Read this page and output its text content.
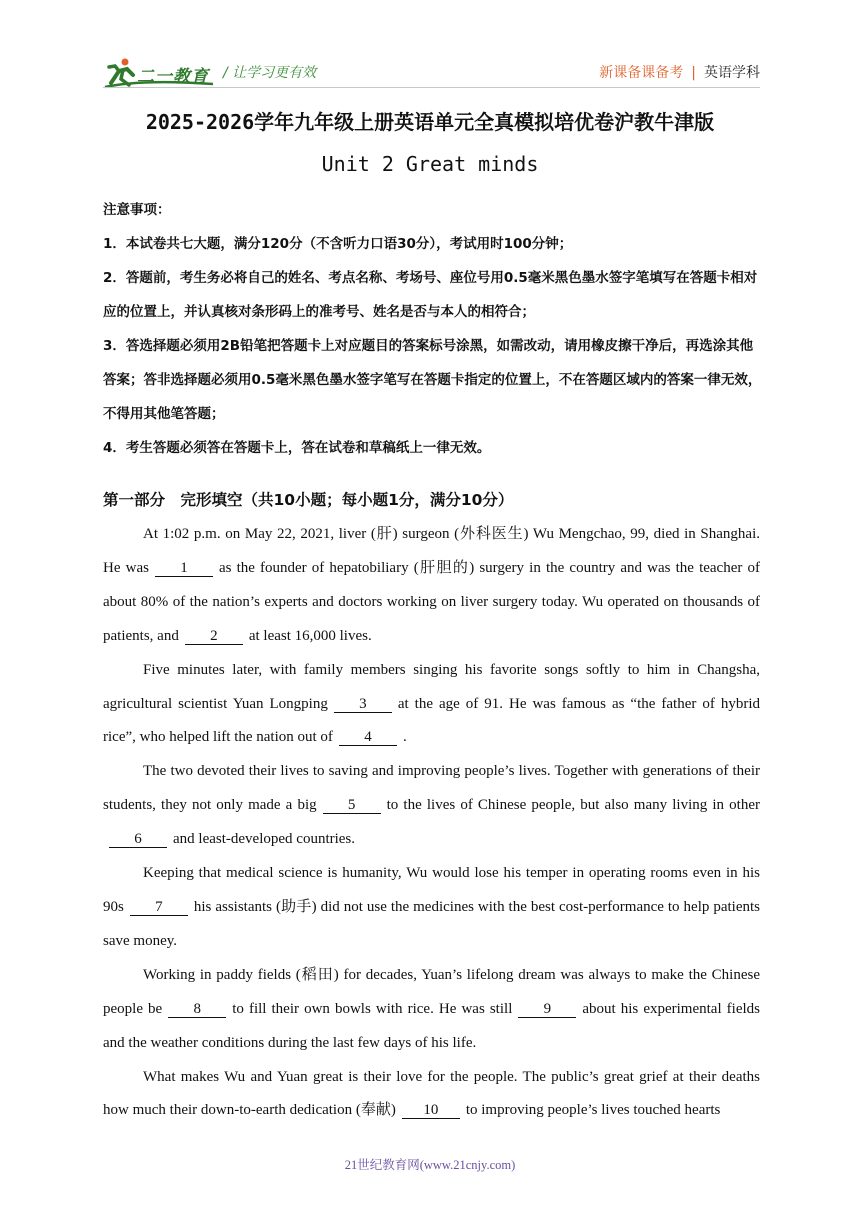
二一教育 / 让学习更有效	新课备课备考 | 英语学科
2025-2026学年九年级上册英语单元全真模拟培优卷沪教牛津版
Unit 2 Great minds

注意事项：

1．本试卷共七大题，满分120分（不含听力口语30分），考试用时100分钟；

2．答题前，考生务必将自己的姓名、考点名称、考场号、座位号用0.5毫米黑色墨水签字笔填写在答题卡相对应的位置上，并认真核对条形码上的准考号、姓名是否与本人的相符合；

3．答选择题必须用2B铅笔把答题卡上对应题目的答案标号涂黑，如需改动，请用橡皮擦干净后，再选涂其他答案；答非选择题必须用0.5毫米黑色墨水签字笔写在答题卡指定的位置上，不在答题区域内的答案一律无效，不得用其他笔答题；

4．考生答题必须答在答题卡上，答在试卷和草稿纸上一律无效。

第一部分　完形填空（共10小题；每小题1分，满分10分）

At 1:02 p.m. on May 22, 2021, liver (肝) surgeon (外科医生) Wu Mengchao, 99, died in Shanghai. He was 1 as the founder of hepatobiliary (肝胆的) surgery in the country and was the teacher of about 80% of the nation’s experts and doctors working on liver surgery today. Wu operated on thousands of patients, and 2 at least 16,000 lives.

Five minutes later, with family members singing his favorite songs softly to him in Changsha, agricultural scientist Yuan Longping 3 at the age of 91. He was famous as “the father of hybrid rice”, who helped lift the nation out of 4 .

The two devoted their lives to saving and improving people’s lives. Together with generations of their students, they not only made a big 5 to the lives of Chinese people, but also many living in other6 and least-developed countries.

Keeping that medical science is humanity, Wu would lose his temper in operating rooms even in his 90s 7 his assistants (助手) did not use the medicines with the best cost-performance to help patients save money.

Working in paddy fields (稻田) for decades, Yuan’s lifelong dream was always to make the Chinese people be 8 to fill their own bowls with rice. He was still 9 about his experimental fields and the weather conditions during the last few days of his life.

What makes Wu and Yuan great is their love for the people. The public’s great grief at their deaths how much their down-to-earth dedication (奉献) 10 to improving people’s lives touched hearts

21世纪教育网(www.21cnjy.com)
